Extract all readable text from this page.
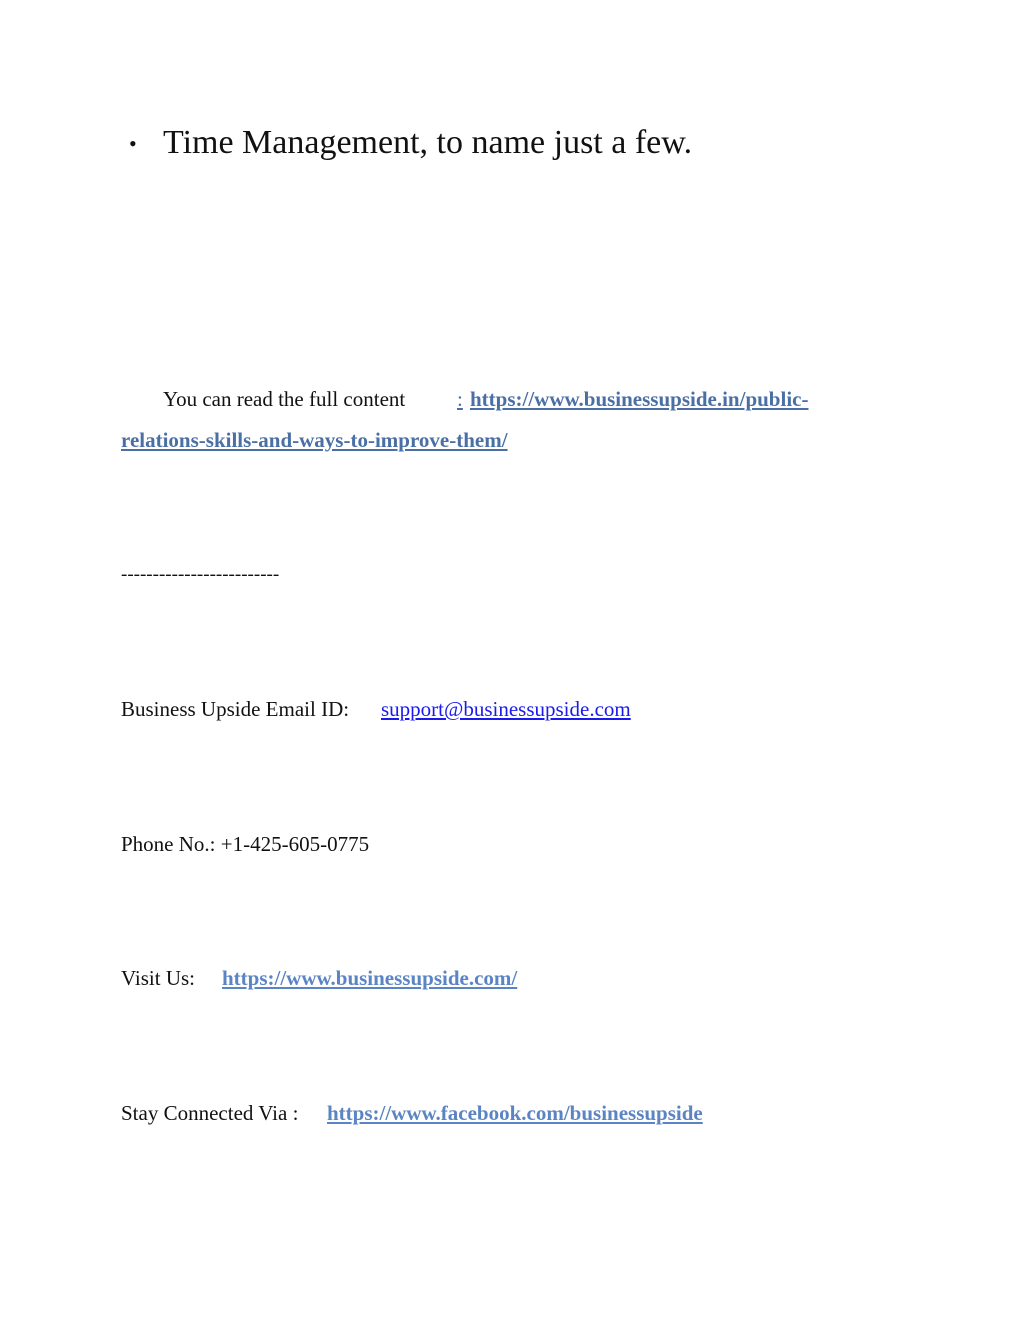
• Time Management, to name just a few.
You can read the full content : https://www.businessupside.in/public-
relations-skills-and-ways-to-improve-them/
-------------------------
Business Upside Email ID: support@businessupside.com
Phone No.: +1-425-605-0775
Visit Us: https://www.businessupside.com/
Stay Connected Via : https://www.facebook.com/businessupside
